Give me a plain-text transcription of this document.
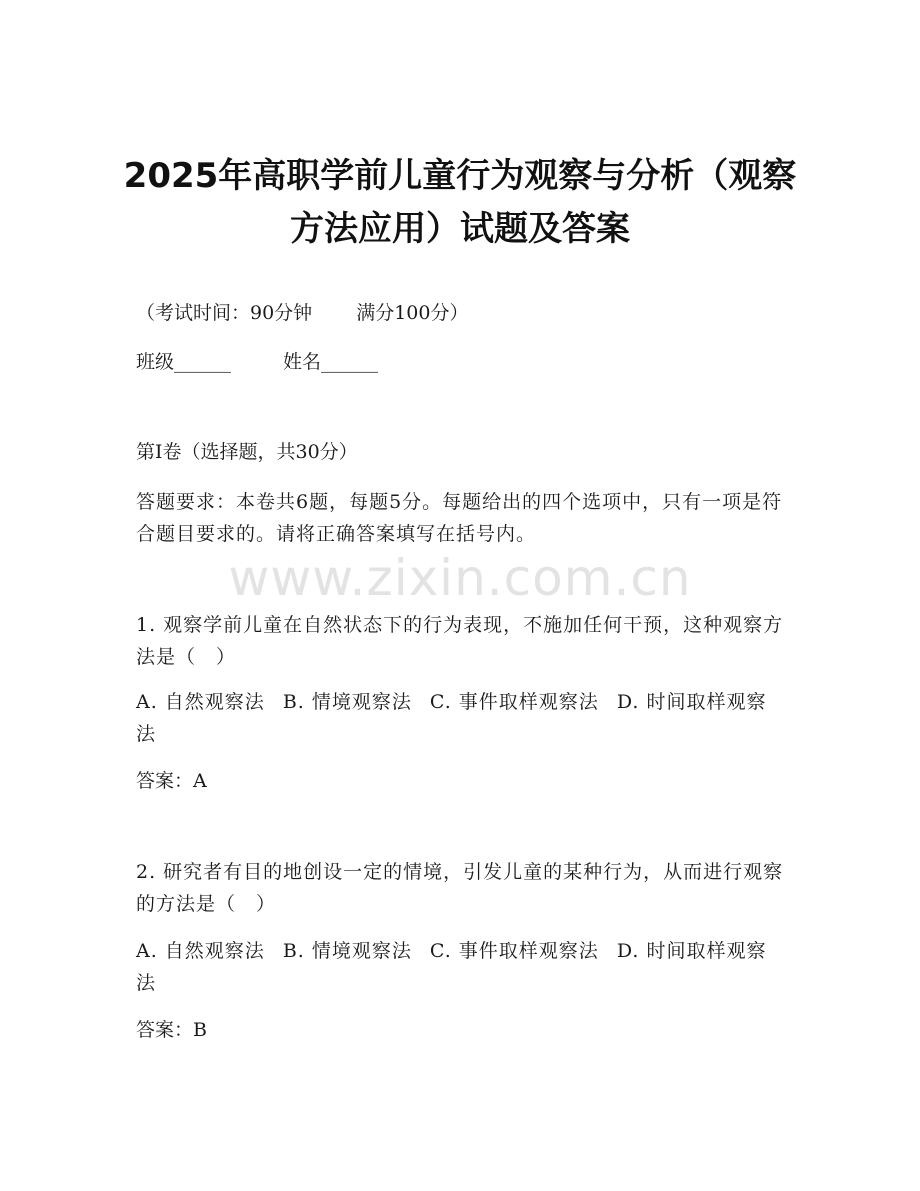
2025年高职学前儿童行为观察与分析（观察
方法应用）试题及答案
（考试时间：90分钟 满分100分）
班级______	姓名______
第Ⅰ卷（选择题，共30分）
答题要求：本卷共6题，每题5分。每题给出的四个选项中，只有一项是符合题目要求的。请将正确答案填写在括号内。
www.zixin.com.cn
1. 观察学前儿童在自然状态下的行为表现，不施加任何干预，这种观察方法是（　）
A. 自然观察法 B. 情境观察法 C. 事件取样观察法 D. 时间取样观察法
答案：A
2. 研究者有目的地创设一定的情境，引发儿童的某种行为，从而进行观察的方法是（　）
A. 自然观察法 B. 情境观察法 C. 事件取样观察法 D. 时间取样观察法
答案：B
